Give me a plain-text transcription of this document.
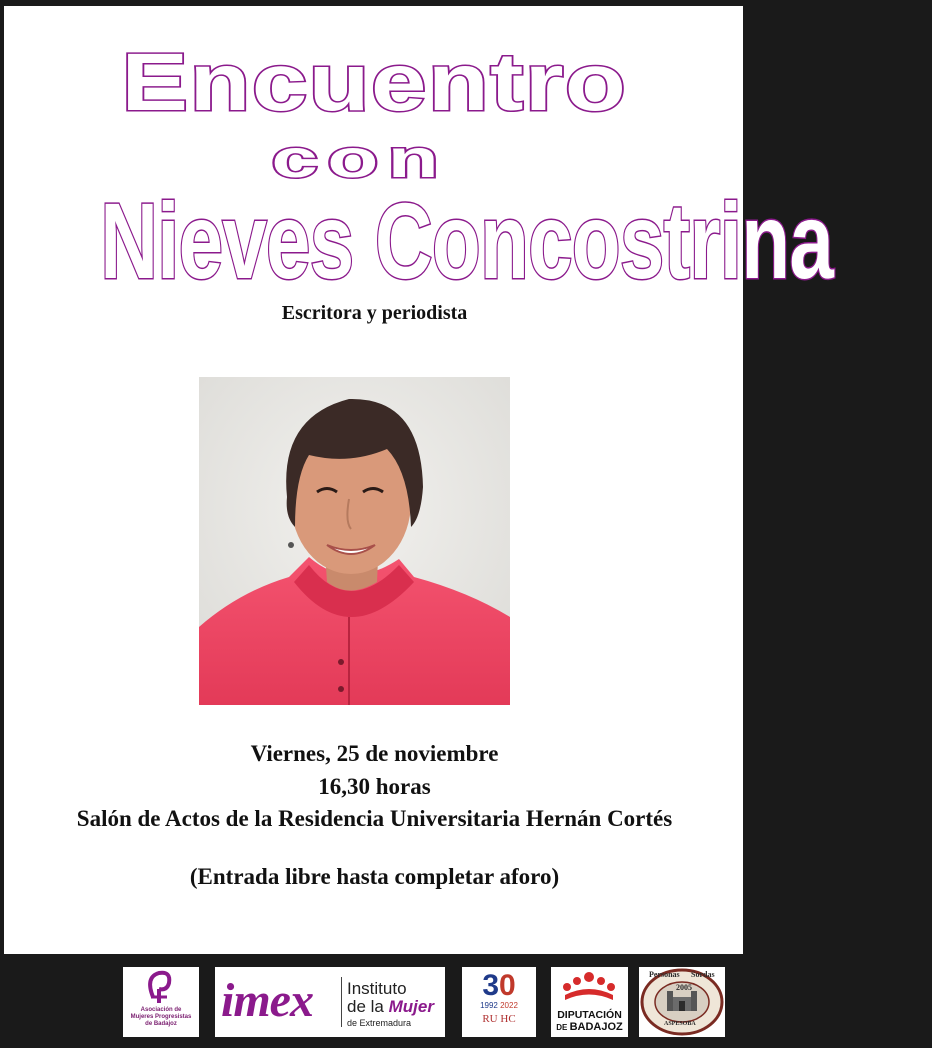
Encuentro
con
Nieves Concostrina
Escritora y periodista
Viernes, 25 de noviembre
16,30 horas
Salón de Actos de la Residencia Universitaria Hernán Cortés
(Entrada libre hasta completar aforo)
Asociación de
Mujeres Progresistas
de Badajoz imex Instituto
de la Mujer
de Extremadura
30
1992 2022
RU HC	DIPUTACIÓN
DE BADAJOZ
2005
Personas Sordas
ASPESOBA
